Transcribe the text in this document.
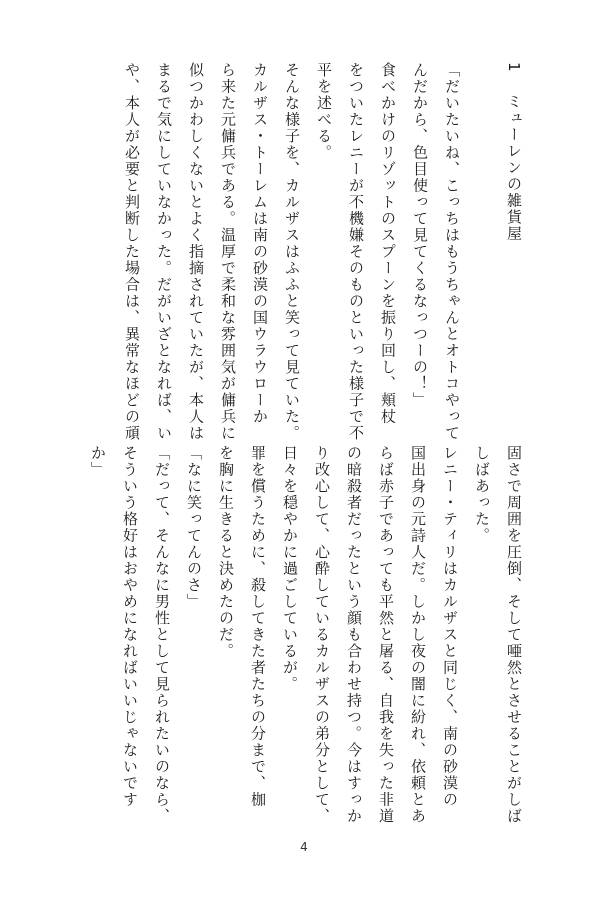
1 ミューレンの雑貨屋
「だいたいね、こっちはもうちゃんとオトコやって
んだから、色目使って見てくるなっつーの！」
食べかけのリゾットのスプーンを振り回し、頬杖
をついたレニーが不機嫌そのものといった様子で不
平を述べる。
そんな様子を、カルザスはふふと笑って見ていた。
カルザス・トーレムは南の砂漠の国ウラウローか
ら来た元傭兵である。温厚で柔和な雰囲気が傭兵に
似つかわしくないとよく指摘されていたが、本人は
まるで気にしていなかった。だがいざとなれば、い
や、本人が必要と判断した場合は、異常なほどの頑
固さで周囲を圧倒、そして唖然とさせることがしば
しばあった。
レニー・ティリはカルザスと同じく、南の砂漠の
国出身の元詩人だ。しかし夜の闇に紛れ、依頼とあ
らば赤子であっても平然と屠る、自我を失った非道
の暗殺者だったという顔も合わせ持つ。今はすっか
り改心して、心酔しているカルザスの弟分として、
日々を穏やかに過ごしているが。
罪を償うために、殺してきた者たちの分まで、枷
を胸に生きると決めたのだ。
「なに笑ってんのさ」
「だって、そんなに男性として見られたいのなら、
そういう格好はおやめになればいいじゃないです
か」
4
